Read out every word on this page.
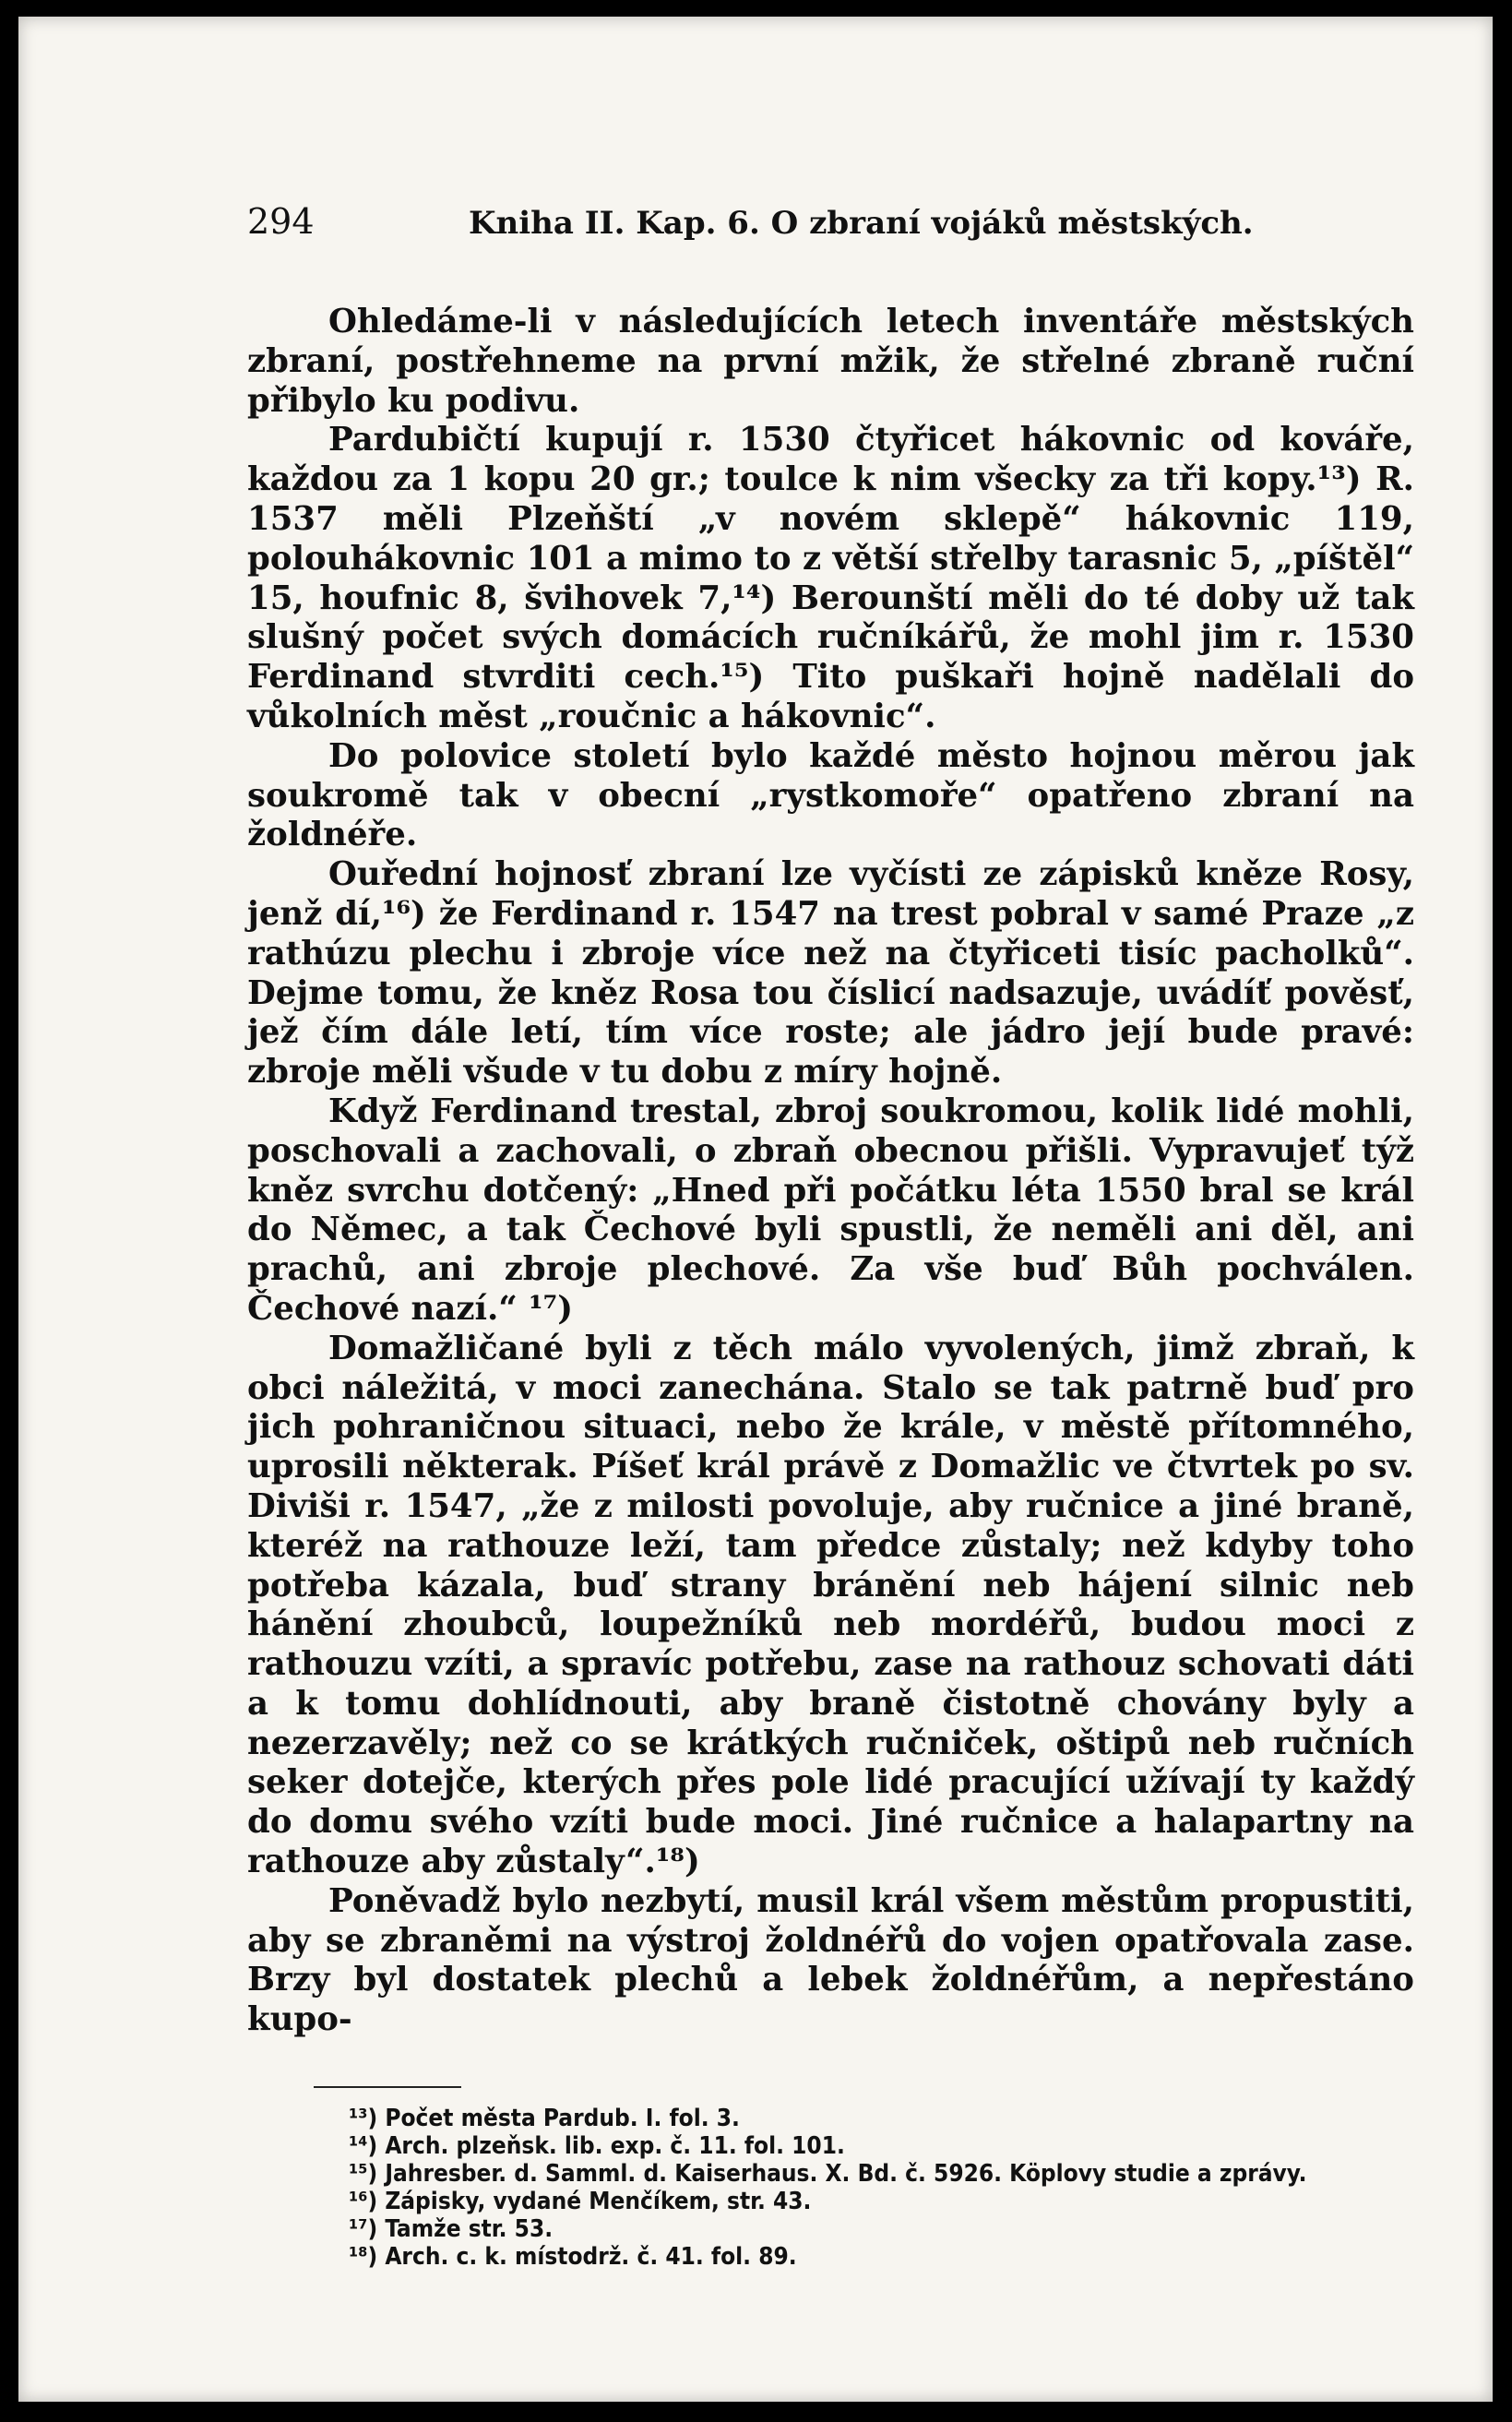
294	Kniha II. Kap. 6. O zbraní vojáků městských.

Ohledáme-li v následujících letech inventáře městských zbraní, postřehneme na první mžik, že střelné zbraně ruční přibylo ku podivu.

Pardubičtí kupují r. 1530 čtyřicet hákovnic od kováře, každou za 1 kopu 20 gr.; toulce k nim všecky za tři kopy.¹³) R. 1537 měli Plzeňští „v novém sklepě“ hákovnic 119, polouhákovnic 101 a mimo to z větší střelby tarasnic 5, „píštěl“ 15, houfnic 8, švihovek 7,¹⁴) Berounští měli do té doby už tak slušný počet svých domácích ručníkářů, že mohl jim r. 1530 Ferdinand stvrditi cech.¹⁵) Tito puškaři hojně nadělali do vůkolních měst „roučnic a hákovnic“.

Do polovice století bylo každé město hojnou měrou jak soukromě tak v obecní „rystkomoře“ opatřeno zbraní na žoldnéře.

Ouřední hojnosť zbraní lze vyčísti ze zápisků kněze Rosy, jenž dí,¹⁶) že Ferdinand r. 1547 na trest pobral v samé Praze „z rathúzu plechu i zbroje více než na čtyřiceti tisíc pacholků“. Dejme tomu, že kněz Rosa tou číslicí nadsazuje, uvádíť pověsť, jež čím dále letí, tím více roste; ale jádro její bude pravé: zbroje měli všude v tu dobu z míry hojně.

Když Ferdinand trestal, zbroj soukromou, kolik lidé mohli, poschovali a zachovali, o zbraň obecnou přišli. Vypravujeť týž kněz svrchu dotčený: „Hned při počátku léta 1550 bral se král do Němec, a tak Čechové byli spustli, že neměli ani děl, ani prachů, ani zbroje plechové. Za vše buď Bůh pochválen. Čechové nazí.“ ¹⁷)

Domažličané byli z těch málo vyvolených, jimž zbraň, k obci náležitá, v moci zanechána. Stalo se tak patrně buď pro jich pohraničnou situaci, nebo že krále, v městě přítomného, uprosili některak. Píšeť král právě z Domažlic ve čtvrtek po sv. Diviši r. 1547, „že z milosti povoluje, aby ručnice a jiné braně, kteréž na rathouze leží, tam předce zůstaly; než kdyby toho potřeba kázala, buď strany bránění neb hájení silnic neb hánění zhoubců, loupežníků neb mordéřů, budou moci z rathouzu vzíti, a spravíc potřebu, zase na rathouz schovati dáti a k tomu dohlídnouti, aby braně čistotně chovány byly a nezerzavěly; než co se krátkých ručniček, oštipů neb ručních seker dotejče, kterých přes pole lidé pracující užívají ty každý do domu svého vzíti bude moci. Jiné ručnice a halapartny na rathouze aby zůstaly“.¹⁸)

Poněvadž bylo nezbytí, musil král všem městům propustiti, aby se zbraněmi na výstroj žoldnéřů do vojen opatřovala zase. Brzy byl dostatek plechů a lebek žoldnéřům, a nepřestáno kupo-

¹³) Počet města Pardub. I. fol. 3.

¹⁴) Arch. plzeňsk. lib. exp. č. 11. fol. 101.

¹⁵) Jahresber. d. Samml. d. Kaiserhaus. X. Bd. č. 5926. Köplovy studie a zprávy.

¹⁶) Zápisky, vydané Menčíkem, str. 43.

¹⁷) Tamže str. 53.

¹⁸) Arch. c. k. místodrž. č. 41. fol. 89.
